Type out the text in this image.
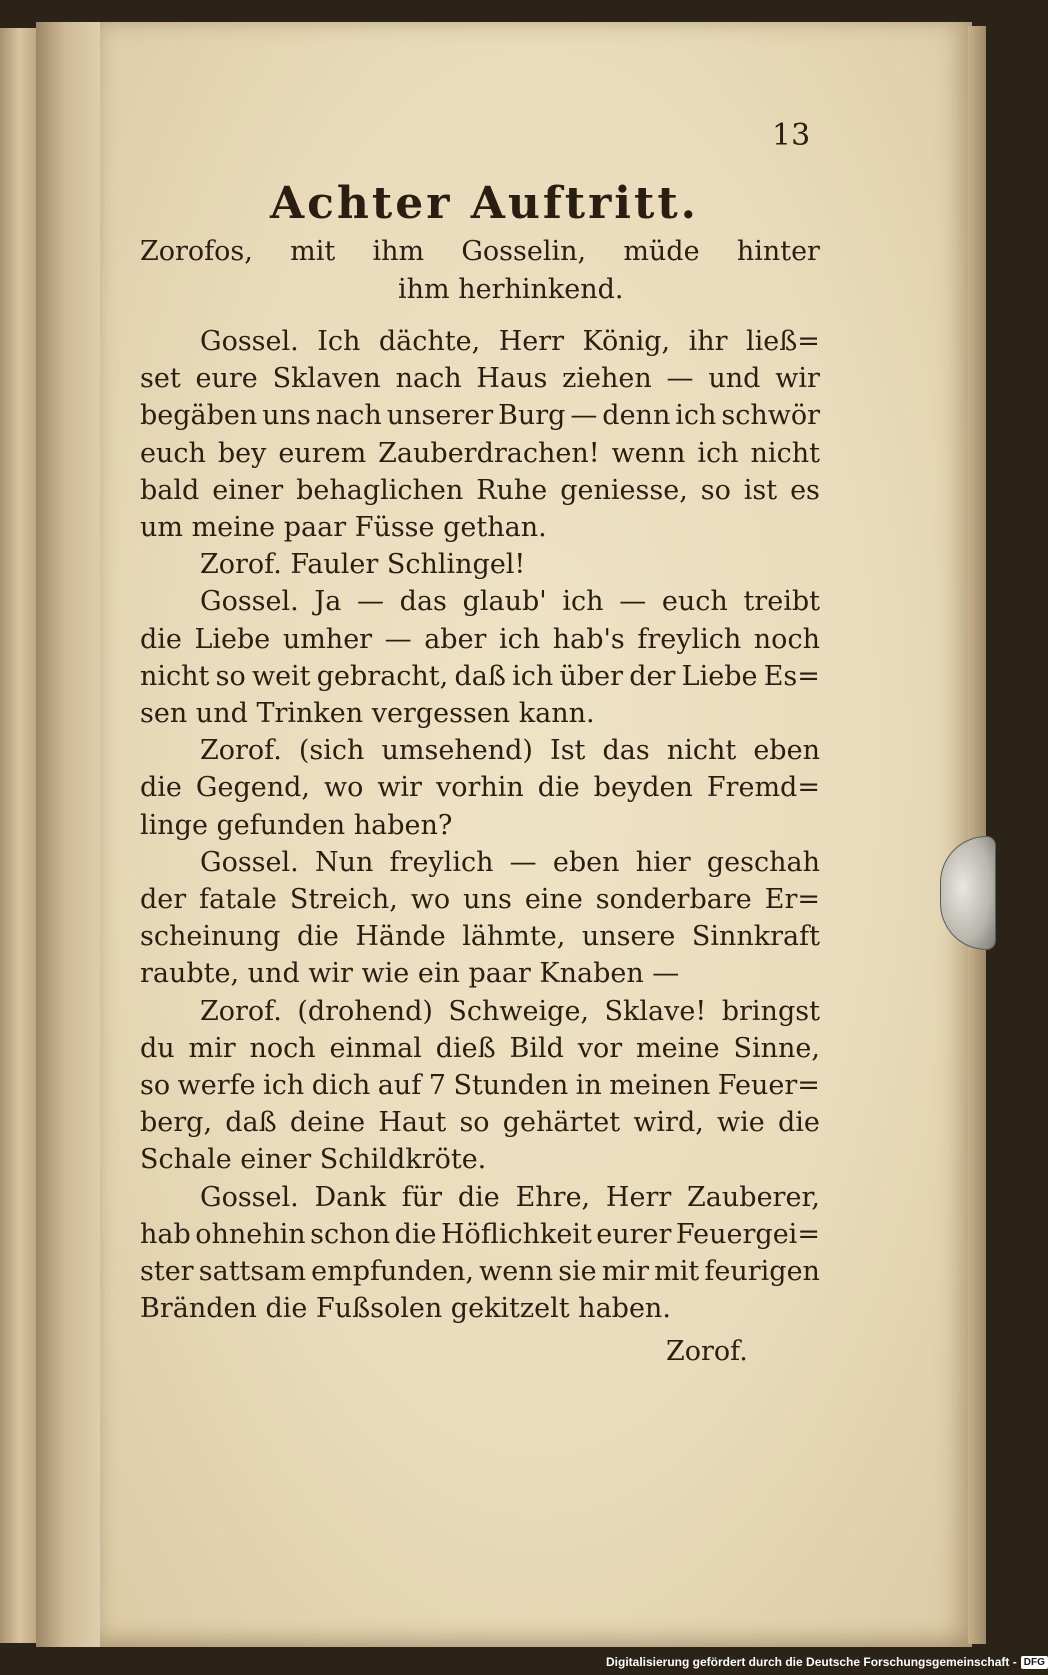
13
Achter Auftritt.
Digitalisierung gefördert durch die Deutsche Forschungsgemeinschaft - DFG
Zorofos, mit ihm Gosselin, müde hinter
ihm herhinkend.
Gossel. Ich dächte, Herr König, ihr ließ=
set eure Sklaven nach Haus ziehen — und wir
begäben uns nach unserer Burg — denn ich schwör
euch bey eurem Zauberdrachen! wenn ich nicht
bald einer behaglichen Ruhe geniesse, so ist es
um meine paar Füsse gethan.
Zorof. Fauler Schlingel!
Gossel. Ja — das glaub' ich — euch treibt
die Liebe umher — aber ich hab's freylich noch
nicht so weit gebracht, daß ich über der Liebe Es=
sen und Trinken vergessen kann.
Zorof. (sich umsehend) Ist das nicht eben
die Gegend, wo wir vorhin die beyden Fremd=
linge gefunden haben?
Gossel. Nun freylich — eben hier geschah
der fatale Streich, wo uns eine sonderbare Er=
scheinung die Hände lähmte, unsere Sinnkraft
raubte, und wir wie ein paar Knaben —
Zorof. (drohend) Schweige, Sklave! bringst
du mir noch einmal dieß Bild vor meine Sinne,
so werfe ich dich auf 7 Stunden in meinen Feuer=
berg, daß deine Haut so gehärtet wird, wie die
Schale einer Schildkröte.
Gossel. Dank für die Ehre, Herr Zauberer,
hab ohnehin schon die Höflichkeit eurer Feuergei=
ster sattsam empfunden, wenn sie mir mit feurigen
Bränden die Fußsolen gekitzelt haben.
Zorof.
